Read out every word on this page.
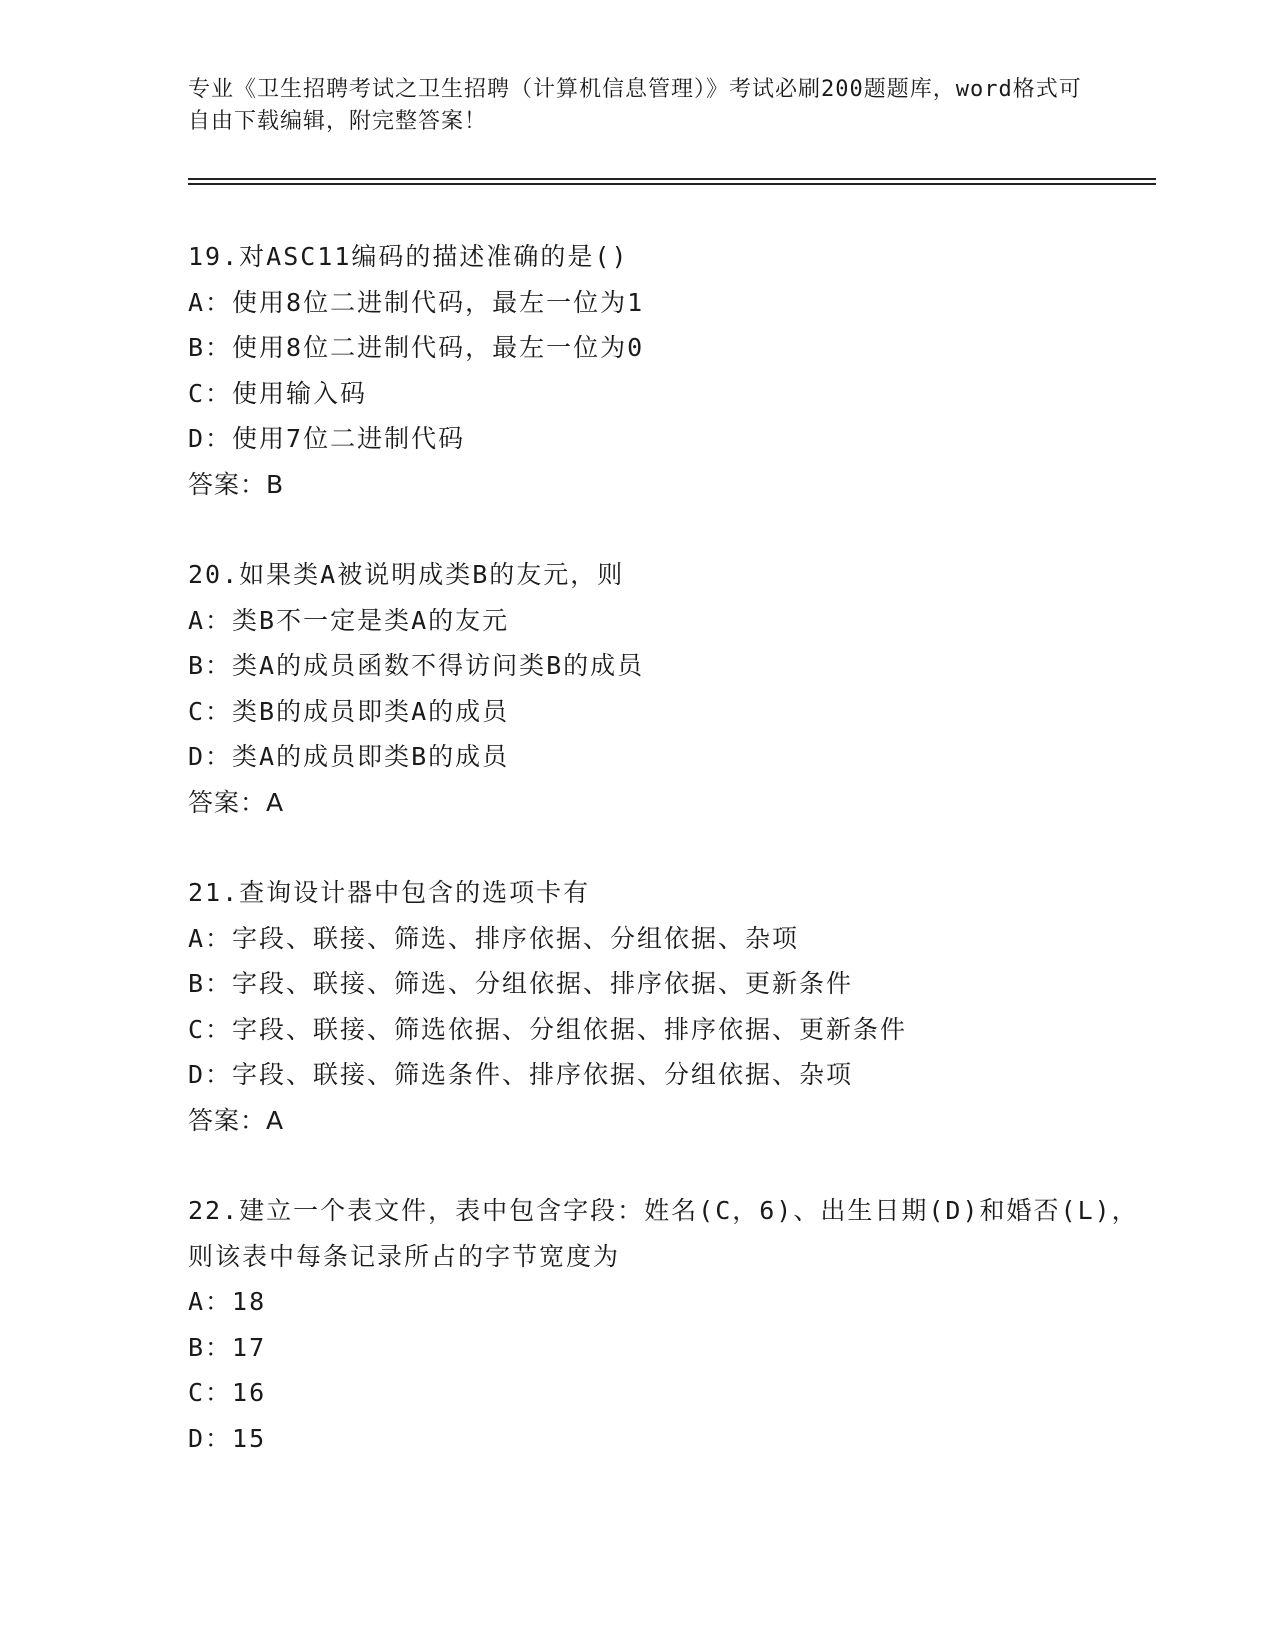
专业《卫生招聘考试之卫生招聘（计算机信息管理）》考试必刷200题题库，word格式可自由下载编辑，附完整答案！
19.对ASC11编码的描述准确的是()
A：使用8位二进制代码，最左一位为1
B：使用8位二进制代码，最左一位为0
C：使用输入码
D：使用7位二进制代码
答案：B
20.如果类A被说明成类B的友元，则
A：类B不一定是类A的友元
B：类A的成员函数不得访问类B的成员
C：类B的成员即类A的成员
D：类A的成员即类B的成员
答案：A
21.查询设计器中包含的选项卡有
A：字段、联接、筛选、排序依据、分组依据、杂项
B：字段、联接、筛选、分组依据、排序依据、更新条件
C：字段、联接、筛选依据、分组依据、排序依据、更新条件
D：字段、联接、筛选条件、排序依据、分组依据、杂项
答案：A
22.建立一个表文件，表中包含字段：姓名(C，6)、出生日期(D)和婚否(L)，则该表中每条记录所占的字节宽度为
A：18
B：17
C：16
D：15
